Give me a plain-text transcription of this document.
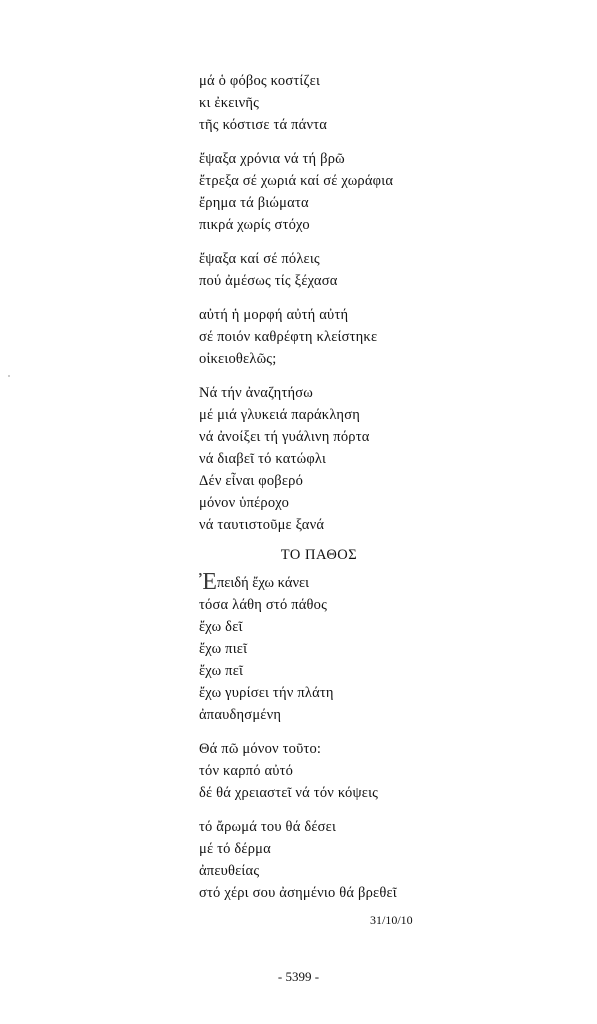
μά ὁ φόβος κοστίζει
κι ἐκεινῆς
τῆς κόστισε τά πάντα
ἔψαξα χρόνια νά τή βρῶ
ἔτρεξα σέ χωριά καί σέ χωράφια
ἔρημα τά βιώματα
πικρά χωρίς στόχο
ἔψαξα καί σέ πόλεις
πού ἀμέσως τίς ξέχασα
αὐτή ἡ μορφή αὐτή αὐτή
σέ ποιόν καθρέφτη κλείστηκε
οἰκειοθελῶς;
Νά τήν ἀναζητήσω
μέ μιά γλυκειά παράκληση
νά ἀνοίξει τή γυάλινη πόρτα
νά διαβεῖ τό κατώφλι
Δέν εἶναι φοβερό
μόνον ὑπέροχο
νά ταυτιστοῦμε ξανά
ΤΟ ΠΑΘΟΣ
Ἐπειδή ἔχω κάνει
τόσα λάθη στό πάθος
ἔχω δεῖ
ἔχω πιεῖ
ἔχω πεῖ
ἔχω γυρίσει τήν πλάτη
ἀπαυδησμένη
Θά πῶ μόνον τοῦτο:
τόν καρπό αὐτό
δέ θά χρειαστεῖ νά τόν κόψεις
τό ἄρωμά του θά δέσει
μέ τό δέρμα
ἀπευθείας
στό χέρι σου ἀσημένιο θά βρεθεῖ
31/10/10
- 5399 -
